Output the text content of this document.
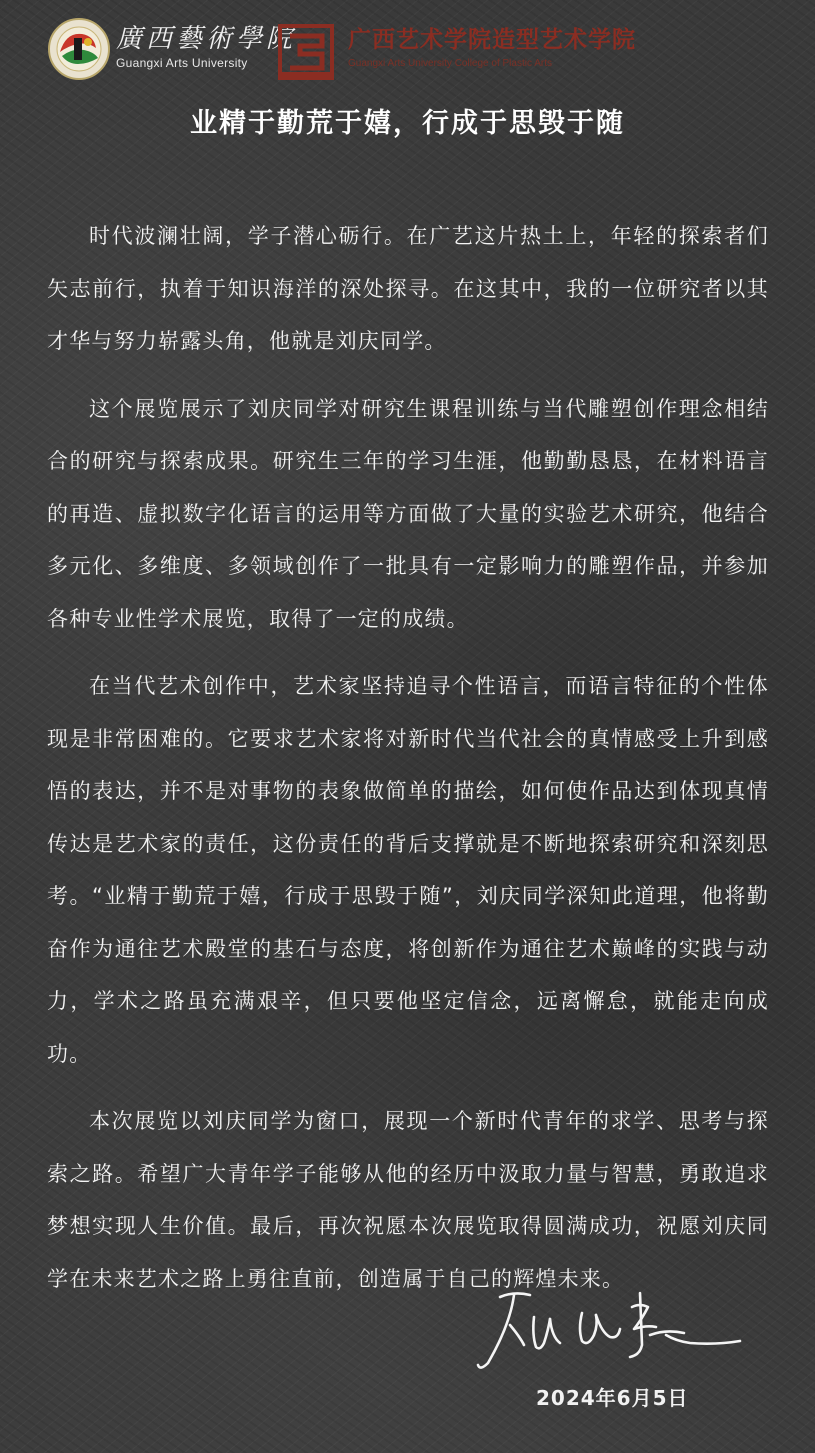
廣西藝術學院
Guangxi Arts University
广西艺术学院造型艺术学院
Guangxi Arts University College of Plastic Arts
业精于勤荒于嬉，行成于思毁于随

时代波澜壮阔，学子潜心砺行。在广艺这片热土上，年轻的探索者们矢志前行，执着于知识海洋的深处探寻。在这其中，我的一位研究者以其才华与努力崭露头角，他就是刘庆同学。

这个展览展示了刘庆同学对研究生课程训练与当代雕塑创作理念相结合的研究与探索成果。研究生三年的学习生涯，他勤勤恳恳，在材料语言的再造、虚拟数字化语言的运用等方面做了大量的实验艺术研究，他结合多元化、多维度、多领域创作了一批具有一定影响力的雕塑作品，并参加各种专业性学术展览，取得了一定的成绩。

在当代艺术创作中，艺术家坚持追寻个性语言，而语言特征的个性体现是非常困难的。它要求艺术家将对新时代当代社会的真情感受上升到感悟的表达，并不是对事物的表象做简单的描绘，如何使作品达到体现真情传达是艺术家的责任，这份责任的背后支撑就是不断地探索研究和深刻思考。“业精于勤荒于嬉，行成于思毁于随”，刘庆同学深知此道理，他将勤奋作为通往艺术殿堂的基石与态度，将创新作为通往艺术巅峰的实践与动力，学术之路虽充满艰辛，但只要他坚定信念，远离懈怠，就能走向成功。

本次展览以刘庆同学为窗口，展现一个新时代青年的求学、思考与探索之路。希望广大青年学子能够从他的经历中汲取力量与智慧，勇敢追求梦想实现人生价值。最后，再次祝愿本次展览取得圆满成功，祝愿刘庆同学在未来艺术之路上勇往直前，创造属于自己的辉煌未来。

2024年6月5日
